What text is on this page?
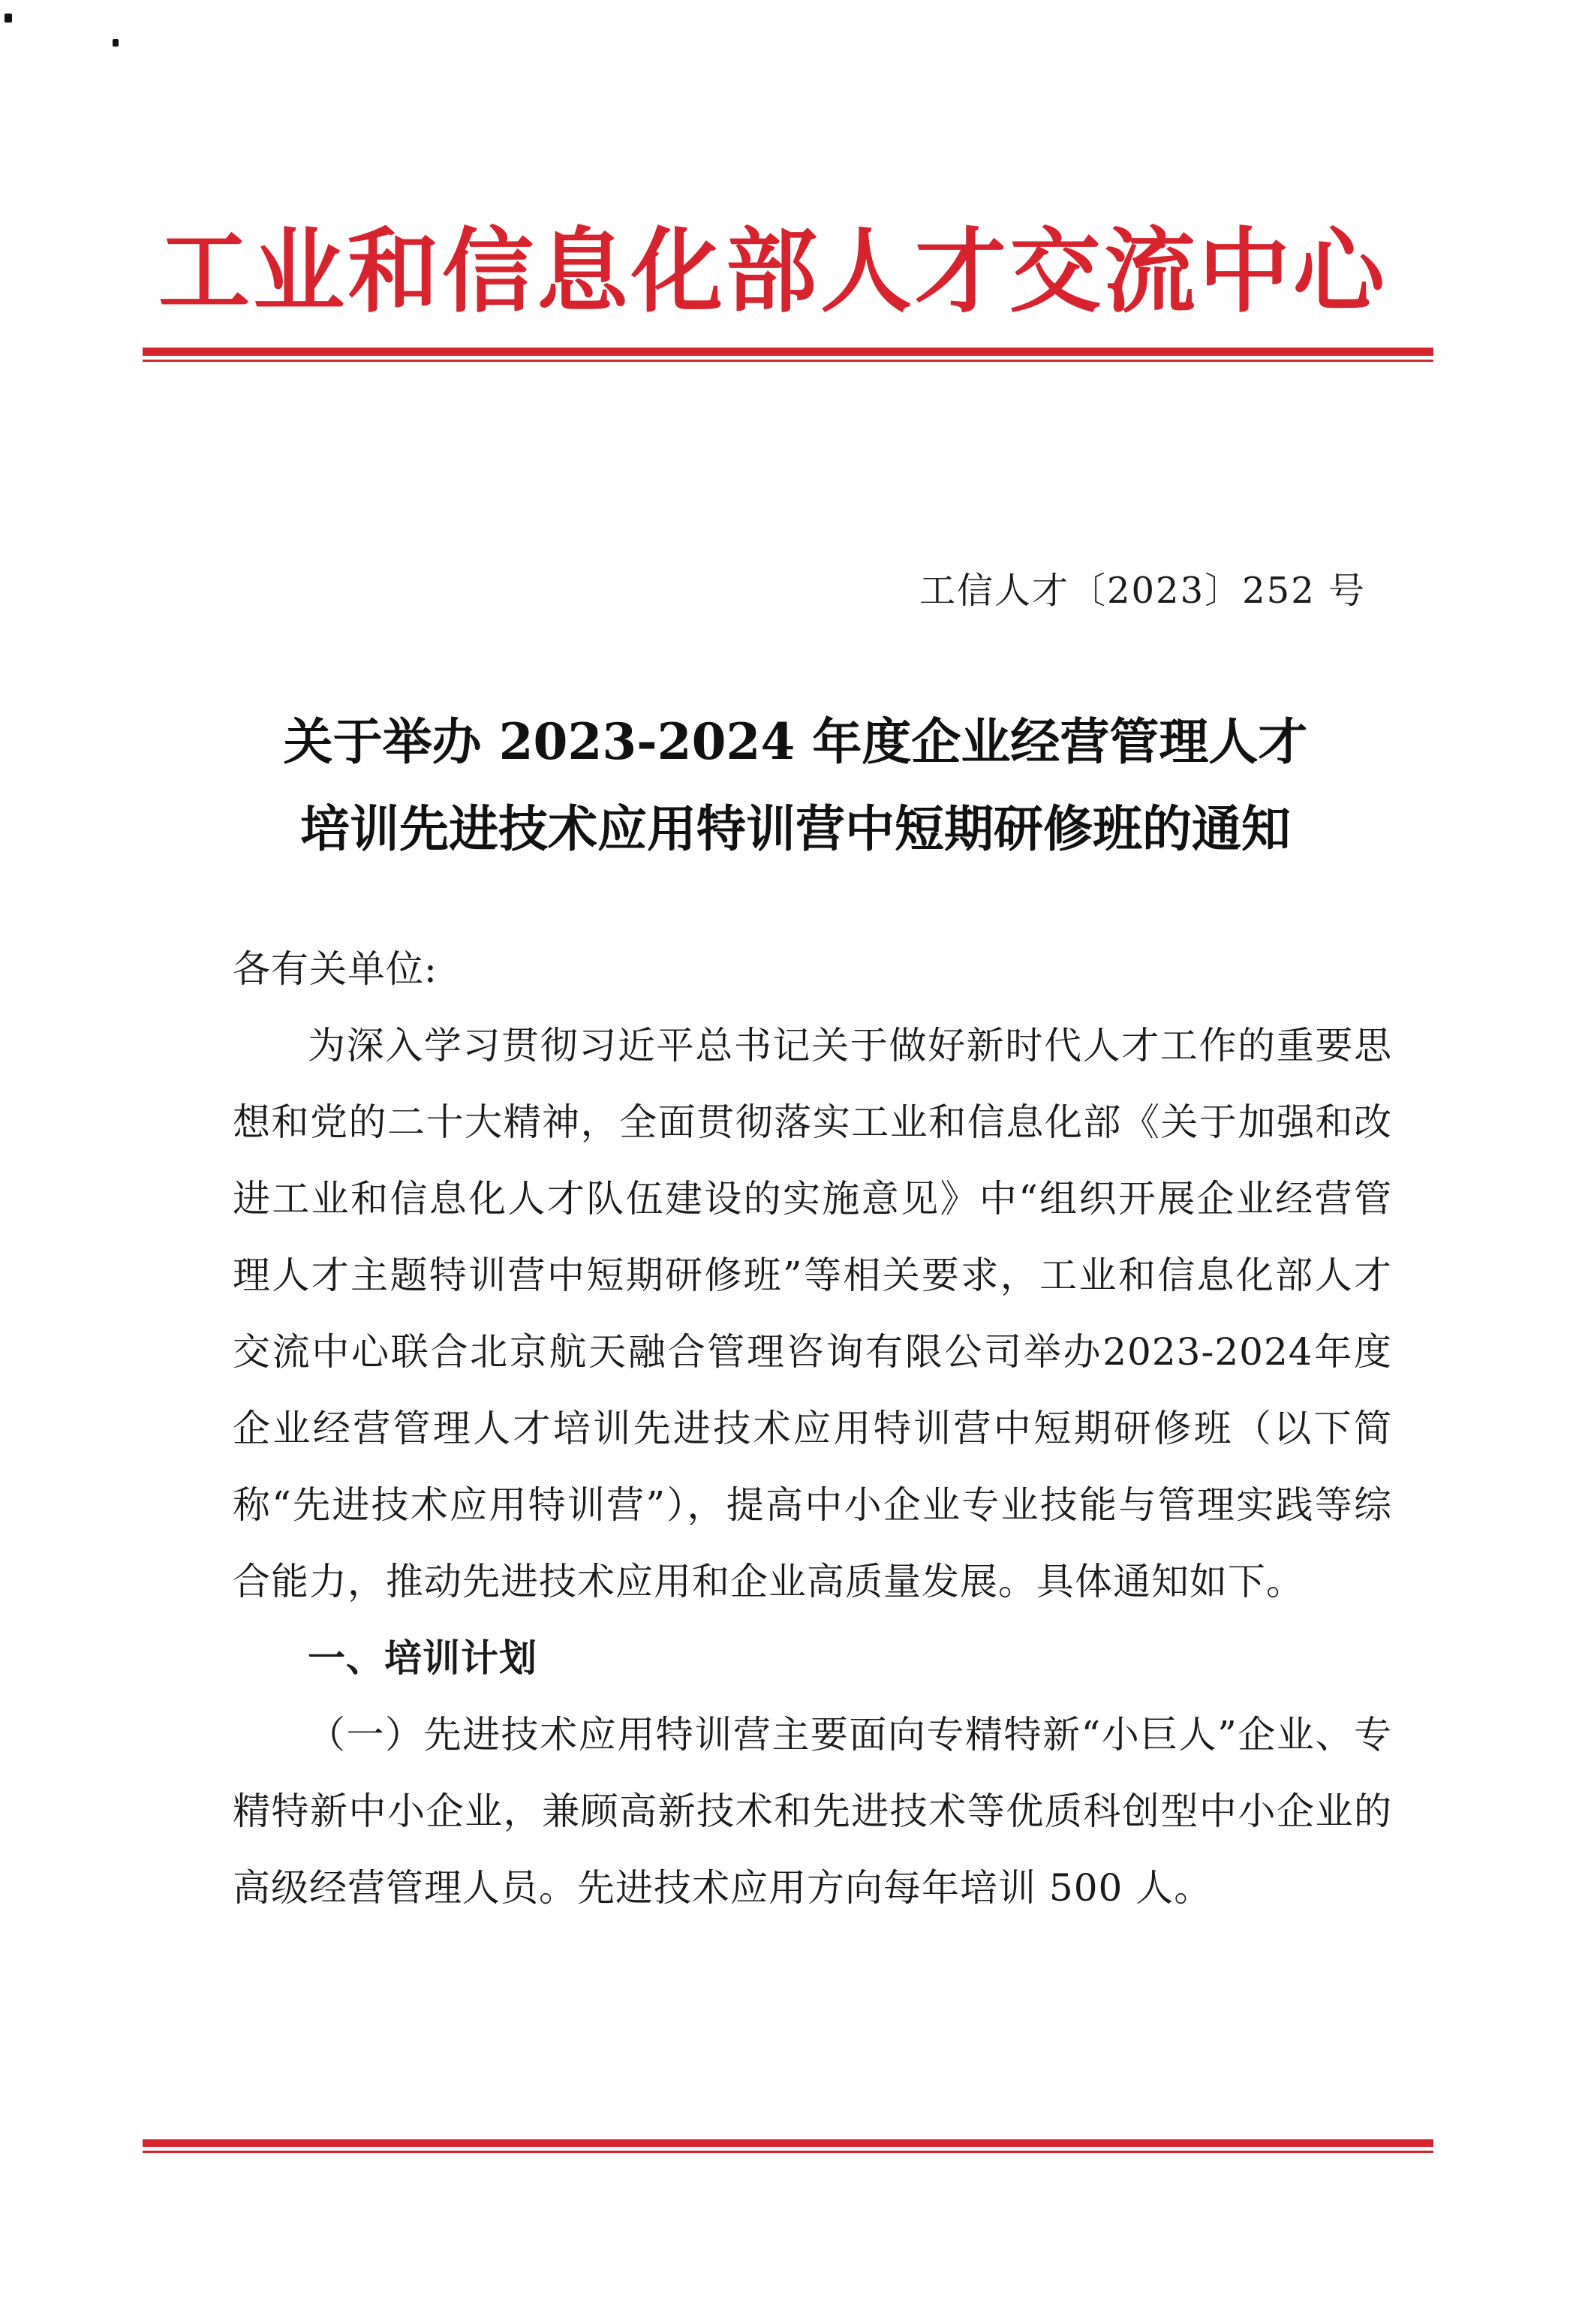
工业和信息化部人才交流中心
工信人才〔2023〕252 号
关于举办 2023-2024 年度企业经营管理人才
培训先进技术应用特训营中短期研修班的通知

各有关单位:

为深入学习贯彻习近平总书记关于做好新时代人才工作的重要思想和党的二十大精神，全面贯彻落实工业和信息化部《关于加强和改进工业和信息化人才队伍建设的实施意见》中“组织开展企业经营管理人才主题特训营中短期研修班”等相关要求，工业和信息化部人才交流中心联合北京航天融合管理咨询有限公司举办2023-2024年度企业经营管理人才培训先进技术应用特训营中短期研修班（以下简称“先进技术应用特训营”），提高中小企业专业技能与管理实践等综合能力，推动先进技术应用和企业高质量发展。具体通知如下。

一、培训计划

（一）先进技术应用特训营主要面向专精特新“小巨人”企业、专精特新中小企业，兼顾高新技术和先进技术等优质科创型中小企业的高级经营管理人员。先进技术应用方向每年培训 500 人。
